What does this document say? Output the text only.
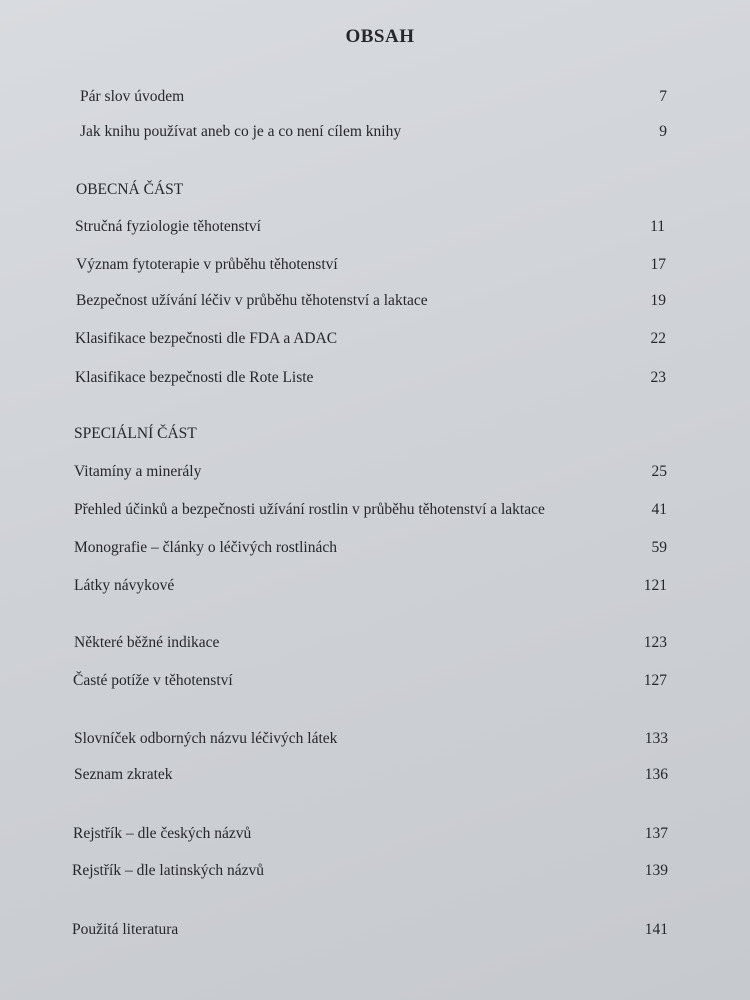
OBSAH
Pár slov úvodem	7
Jak knihu používat aneb co je a co není cílem knihy	9
OBECNÁ ČÁST
Stručná fyziologie těhotenství	11
Význam fytoterapie v průběhu těhotenství	17
Bezpečnost užívání léčiv v průběhu těhotenství a laktace	19
Klasifikace bezpečnosti dle FDA a ADAC	22
Klasifikace bezpečnosti dle Rote Liste	23
SPECIÁLNÍ ČÁST
Vitamíny a minerály	25
Přehled účinků a bezpečnosti užívání rostlin v průběhu těhotenství a laktace	41
Monografie – články o léčivých rostlinách	59
Látky návykové	121
Některé běžné indikace	123
Časté potíže v těhotenství	127
Slovníček odborných názvu léčivých látek	133
Seznam zkratek	136
Rejstřík – dle českých názvů	137
Rejstřík – dle latinských názvů	139
Použitá literatura	141
